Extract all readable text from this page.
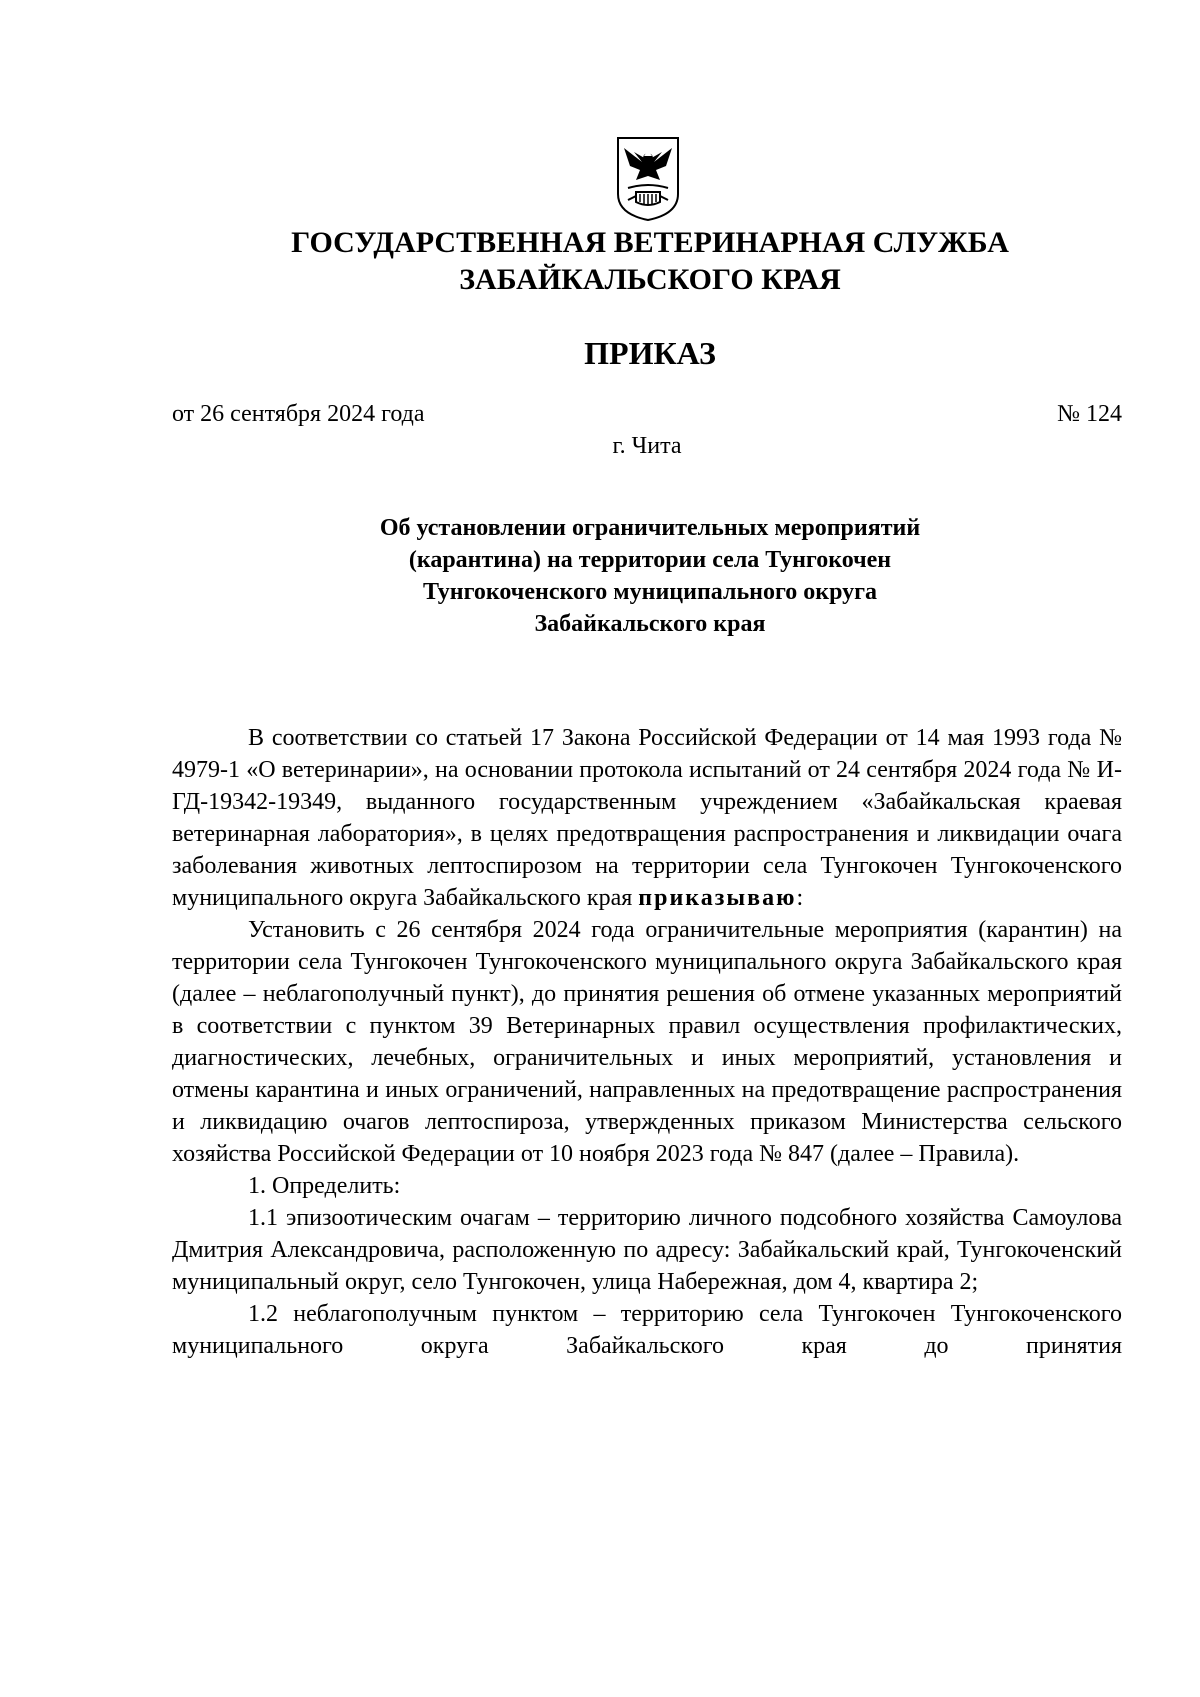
ГОСУДАРСТВЕННАЯ ВЕТЕРИНАРНАЯ СЛУЖБА
ЗАБАЙКАЛЬСКОГО КРАЯ
ПРИКАЗ
от 26 сентября 2024 года	№ 124
г. Чита
Об установлении ограничительных мероприятий
(карантина) на территории села Тунгокочен
Тунгокоченского муниципального округа
Забайкальского края

В соответствии со статьей 17 Закона Российской Федерации от 14 мая 1993 года № 4979-1 «О ветеринарии», на основании протокола испытаний от 24 сентября 2024 года № И-ГД-19342-19349, выданного государственным учреждением «Забайкальская краевая ветеринарная лаборатория», в целях предотвращения распространения и ликвидации очага заболевания животных лептоспирозом на территории села Тунгокочен Тунгокоченского муниципального округа Забайкальского края приказываю:

Установить с 26 сентября 2024 года ограничительные мероприятия (карантин) на территории села Тунгокочен Тунгокоченского муниципального округа Забайкальского края (далее – неблагополучный пункт), до принятия решения об отмене указанных мероприятий в соответствии с пунктом 39 Ветеринарных правил осуществления профилактических, диагностических, лечебных, ограничительных и иных мероприятий, установления и отмены карантина и иных ограничений, направленных на предотвращение распространения и ликвидацию очагов лептоспироза, утвержденных приказом Министерства сельского хозяйства Российской Федерации от 10 ноября 2023 года № 847 (далее – Правила).

1. Определить:

1.1 эпизоотическим очагам – территорию личного подсобного хозяйства Самоулова Дмитрия Александровича, расположенную по адресу: Забайкальский край, Тунгокоченский муниципальный округ, село Тунгокочен, улица Набережная, дом 4, квартира 2;

1.2 неблагополучным пунктом – территорию села Тунгокочен Тунгокоченского муниципального округа Забайкальского края до принятия
